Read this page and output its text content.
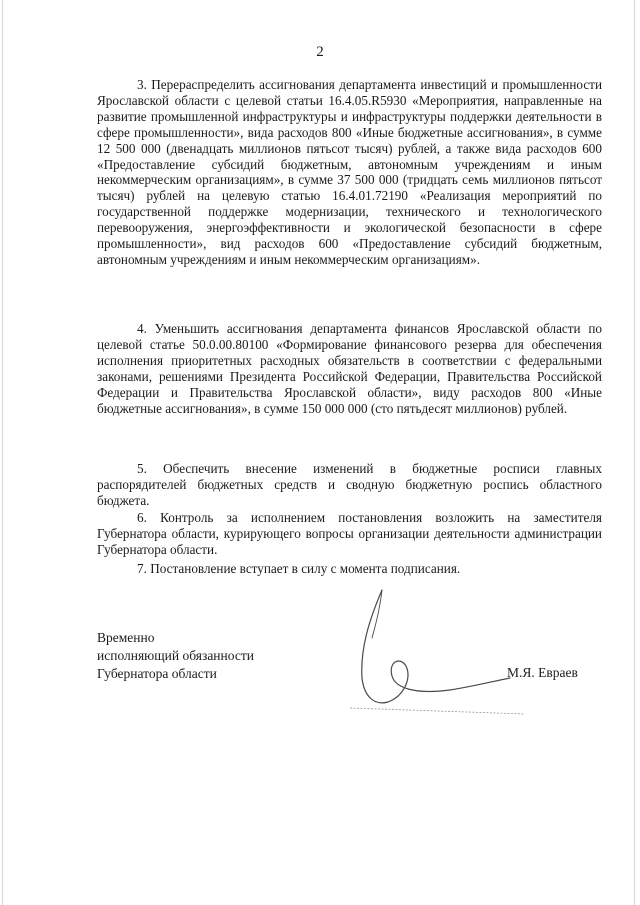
2

3. Перераспределить ассигнования департамента инвестиций и промышленности Ярославской области с целевой статьи 16.4.05.R5930 «Мероприятия, направленные на развитие промышленной инфраструктуры и инфраструктуры поддержки деятельности в сфере промышленности», вида расходов 800 «Иные бюджетные ассигнования», в сумме 12 500 000 (двенадцать миллионов пятьсот тысяч) рублей, а также вида расходов 600 «Предоставление субсидий бюджетным, автономным учреждениям и иным некоммерческим организациям», в сумме 37 500 000 (тридцать семь миллионов пятьсот тысяч) рублей на целевую статью 16.4.01.72190 «Реализация мероприятий по государственной поддержке модернизации, технического и технологического перевооружения, энергоэффективности и экологической безопасности в сфере промышленности», вид расходов 600 «Предоставление субсидий бюджетным, автономным учреждениям и иным некоммерческим организациям».

4. Уменьшить ассигнования департамента финансов Ярославской области по целевой статье 50.0.00.80100 «Формирование финансового резерва для обеспечения исполнения приоритетных расходных обязательств в соответствии с федеральными законами, решениями Президента Российской Федерации, Правительства Российской Федерации и Правительства Ярославской области», виду расходов 800 «Иные бюджетные ассигнования», в сумме 150 000 000 (сто пятьдесят миллионов) рублей.

5. Обеспечить внесение изменений в бюджетные росписи главных распорядителей бюджетных средств и сводную бюджетную роспись областного бюджета.

6. Контроль за исполнением постановления возложить на заместителя Губернатора области, курирующего вопросы организации деятельности администрации Губернатора области.

7. Постановление вступает в силу с момента подписания.

Временно
исполняющий обязанности
Губернатора области	М.Я. Евраев
